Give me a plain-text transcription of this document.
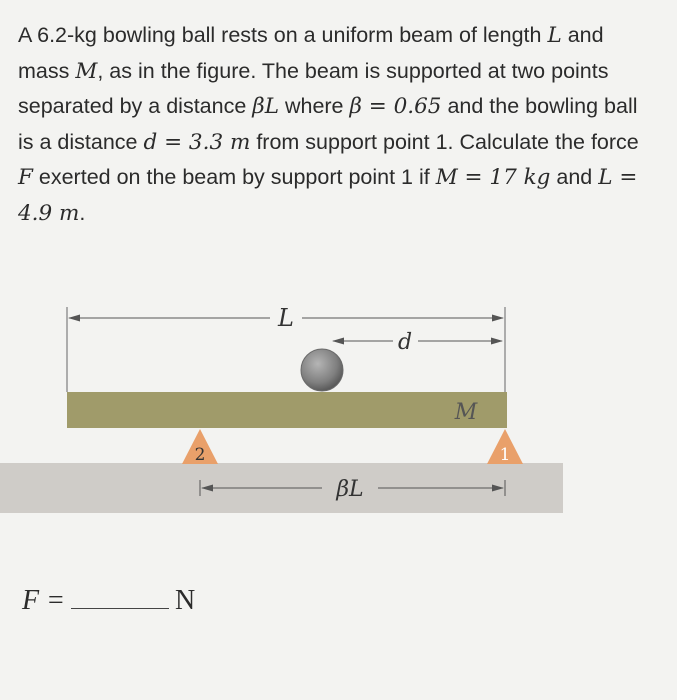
A 6.2-kg bowling ball rests on a uniform beam of length L and mass M, as in the figure. The beam is supported at two points separated by a distance βL where β = 0.65 and the bowling ball is a distance d = 3.3 m from support point 1. Calculate the force F exerted on the beam by support point 1 if M = 17 kg and L = 4.9 m.

L
d
M
2	1
βL
F =	N
